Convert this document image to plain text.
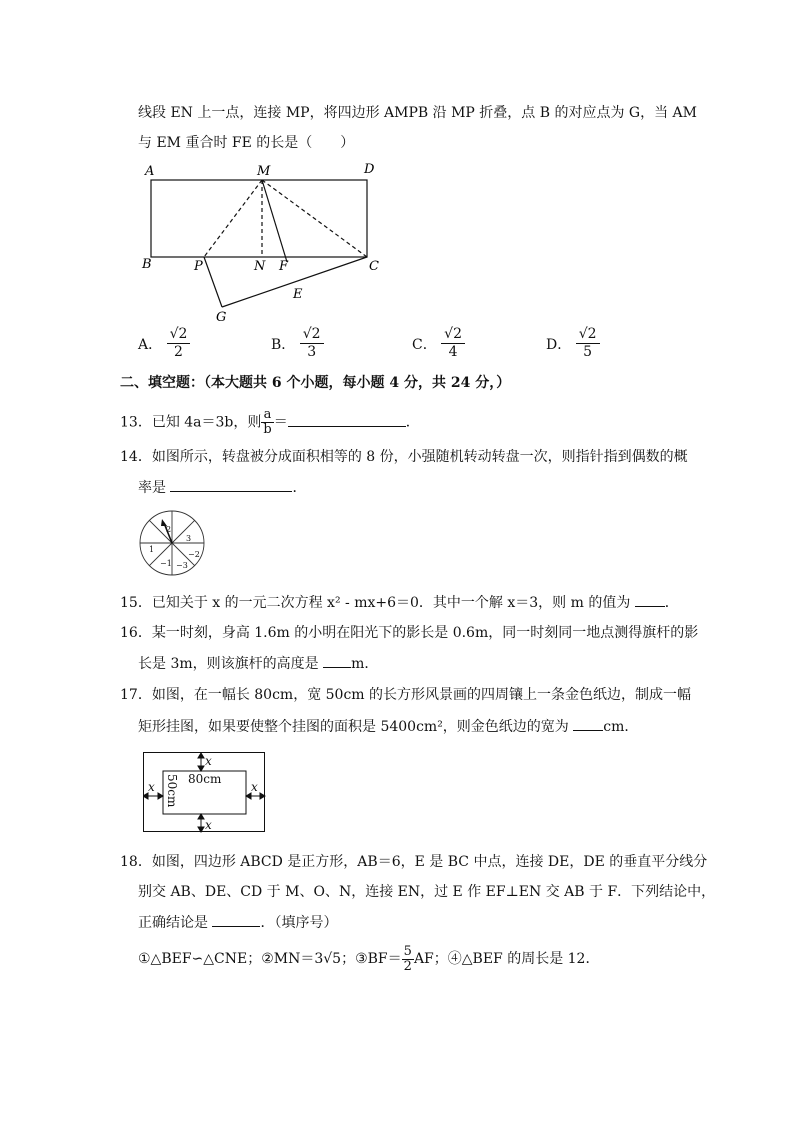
线段 EN 上一点，连接 MP，将四边形 AMPB 沿 MP 折叠，点 B 的对应点为 G，当 AM
与 EM 重合时 FE 的长是（　　）
A	M	D
B	P	N F	C
E
G
A． $\frac{√2}{2}$	B． $\frac{√2}{3}$	C． $\frac{√2}{4}$	D． $\frac{√2}{5}$
二、填空题：（本大题共 6 个小题，每小题 4 分，共 24 分，）
13．已知 4a＝3b，则 $\frac{a}{b}$ ＝	．
14．如图所示，转盘被分成面积相等的 8 份，小强随机转动转盘一次，则指针指到偶数的概
率是	．
2
3
1
−2
−1 −3
15．已知关于 x 的一元二次方程 x² - mx+6＝0．其中一个解 x＝3，则 m 的值为 ．
16．某一时刻，身高 1.6m 的小明在阳光下的影长是 0.6m，同一时刻同一地点测得旗杆的影
长是 3m，则该旗杆的高度是 m．
17．如图，在一幅长 80cm，宽 50cm 的长方形风景画的四周镶上一条金色纸边，制成一幅
矩形挂图，如果要使整个挂图的面积是 5400cm²，则金色纸边的宽为 cm．
x
x
x	x
80cm
50cm
18．如图，四边形 ABCD 是正方形，AB＝6，E 是 BC 中点，连接 DE，DE 的垂直平分线分
别交 AB、DE、CD 于 M、O、N，连接 EN，过 E 作 EF⊥EN 交 AB 于 F．下列结论中，
正确结论是	．（填序号）
①△BEF∽△CNE；②MN＝3√5；③BF＝ $\frac{5}{2}$ AF；④△BEF 的周长是 12．
